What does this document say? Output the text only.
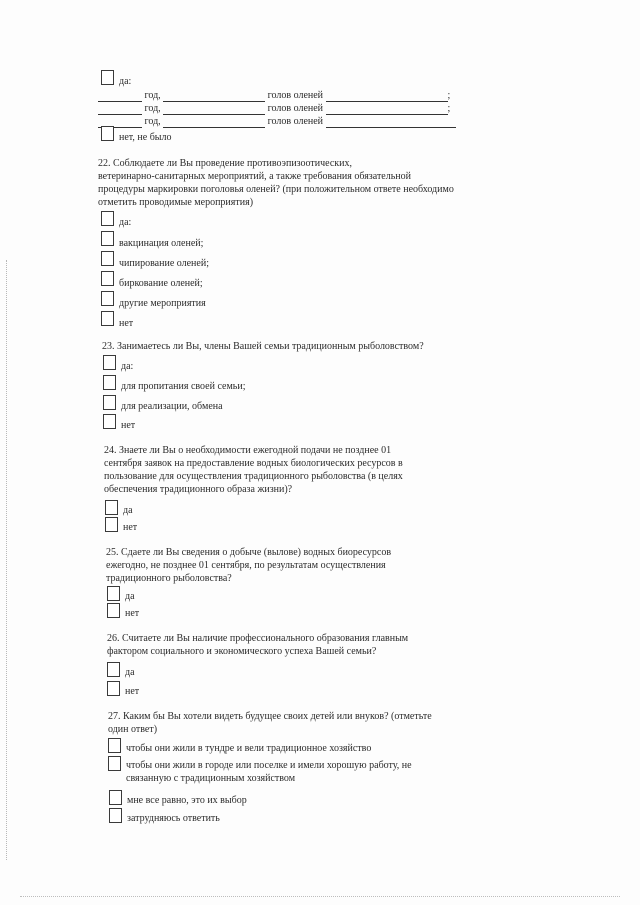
да:
год,	голов оленей	;
год,	голов оленей	;
год,	голов оленей
нет, не было
22. Соблюдаете ли Вы проведение противоэпизоотических,
ветеринарно-санитарных мероприятий, а также требования обязательной
процедуры маркировки поголовья оленей? (при положительном ответе необходимо
отметить проводимые мероприятия)
да:
вакцинация оленей;
чипирование оленей;
биркование оленей;
другие мероприятия
нет
23. Занимаетесь ли Вы, члены Вашей семьи традиционным рыболовством?
да:
для пропитания своей семьи;
для реализации, обмена
нет
24. Знаете ли Вы о необходимости ежегодной подачи не позднее 01
сентября заявок на предоставление водных биологических ресурсов в
пользование для осуществления традиционного рыболовства (в целях
обеспечения традиционного образа жизни)?
да
нет
25. Сдаете ли Вы сведения о добыче (вылове) водных биоресурсов
ежегодно, не позднее 01 сентября, по результатам осуществления
традиционного рыболовства?
да
нет
26. Считаете ли Вы наличие профессионального образования главным
фактором социального и экономического успеха Вашей семьи?
да
нет
27. Каким бы Вы хотели видеть будущее своих детей или внуков? (отметьте
один ответ)
чтобы они жили в тундре и вели традиционное хозяйство
чтобы они жили в городе или поселке и имели хорошую работу, не
связанную с традиционным хозяйством
мне все равно, это их выбор
затрудняюсь ответить
